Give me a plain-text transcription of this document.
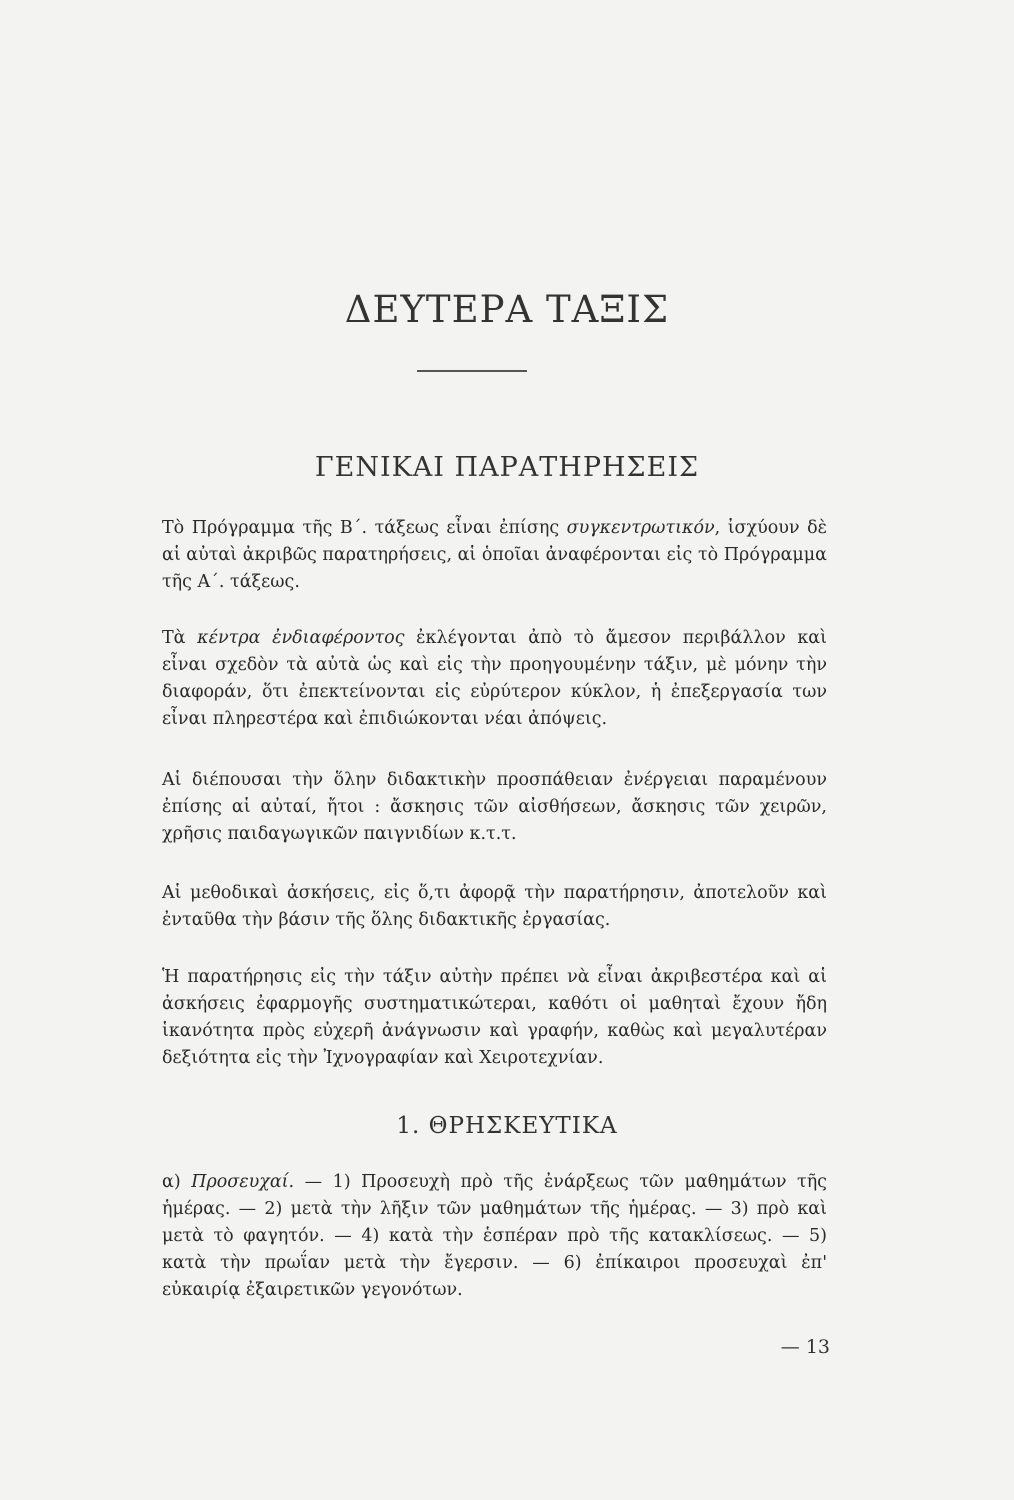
ΔΕΥΤΕΡΑ ΤΑΞΙΣ
ΓΕΝΙΚΑΙ ΠΑΡΑΤΗΡΗΣΕΙΣ

Τὸ Πρόγραμμα τῆς Β΄. τάξεως εἶναι ἐπίσης συγκεντρωτικόν, ἰσχύουν δὲ αἱ αὐταὶ ἀκριβῶς παρατηρήσεις, αἱ ὁποῖαι ἀναφέρονται εἰς τὸ Πρόγραμμα τῆς Α΄. τάξεως.

Τὰ κέντρα ἐνδιαφέροντος ἐκλέγονται ἀπὸ τὸ ἄμεσον περιβάλλον καὶ εἶναι σχεδὸν τὰ αὐτὰ ὡς καὶ εἰς τὴν προηγουμένην τάξιν, μὲ μόνην τὴν διαφοράν, ὅτι ἐπεκτείνονται εἰς εὐρύτερον κύκλον, ἡ ἐπεξεργασία των εἶναι πληρεστέρα καὶ ἐπιδιώκονται νέαι ἀπόψεις.

Αἱ διέπουσαι τὴν ὅλην διδακτικὴν προσπάθειαν ἐνέργειαι παραμένουν ἐπίσης αἱ αὐταί, ἤτοι : ἄσκησις τῶν αἰσθήσεων, ἄσκησις τῶν χειρῶν, χρῆσις παιδαγωγικῶν παιγνιδίων κ.τ.τ.

Αἱ μεθοδικαὶ ἀσκήσεις, εἰς ὅ,τι ἀφορᾷ τὴν παρατήρησιν, ἀποτελοῦν καὶ ἐνταῦθα τὴν βάσιν τῆς ὅλης διδακτικῆς ἐργασίας.

Ἡ παρατήρησις εἰς τὴν τάξιν αὐτὴν πρέπει νὰ εἶναι ἀκριβεστέρα καὶ αἱ ἀσκήσεις ἐφαρμογῆς συστηματικώτεραι, καθότι οἱ μαθηταὶ ἔχουν ἤδη ἱκανότητα πρὸς εὐχερῆ ἀνάγνωσιν καὶ γραφήν, καθὼς καὶ μεγαλυτέραν δεξιότητα εἰς τὴν Ἰχνογραφίαν καὶ Χειροτεχνίαν.

1. ΘΡΗΣΚΕΥΤΙΚΑ

α) Προσευχαί. — 1) Προσευχὴ πρὸ τῆς ἐνάρξεως τῶν μαθημάτων τῆς ἡμέρας. — 2) μετὰ τὴν λῆξιν τῶν μαθημάτων τῆς ἡμέρας. — 3) πρὸ καὶ μετὰ τὸ φαγητόν. — 4) κατὰ τὴν ἑσπέραν πρὸ τῆς κατακλίσεως. — 5) κατὰ τὴν πρωΐαν μετὰ τὴν ἔγερσιν. — 6) ἐπίκαιροι προσευχαὶ ἐπ' εὐκαιρίᾳ ἐξαιρετικῶν γεγονότων.

— 13
